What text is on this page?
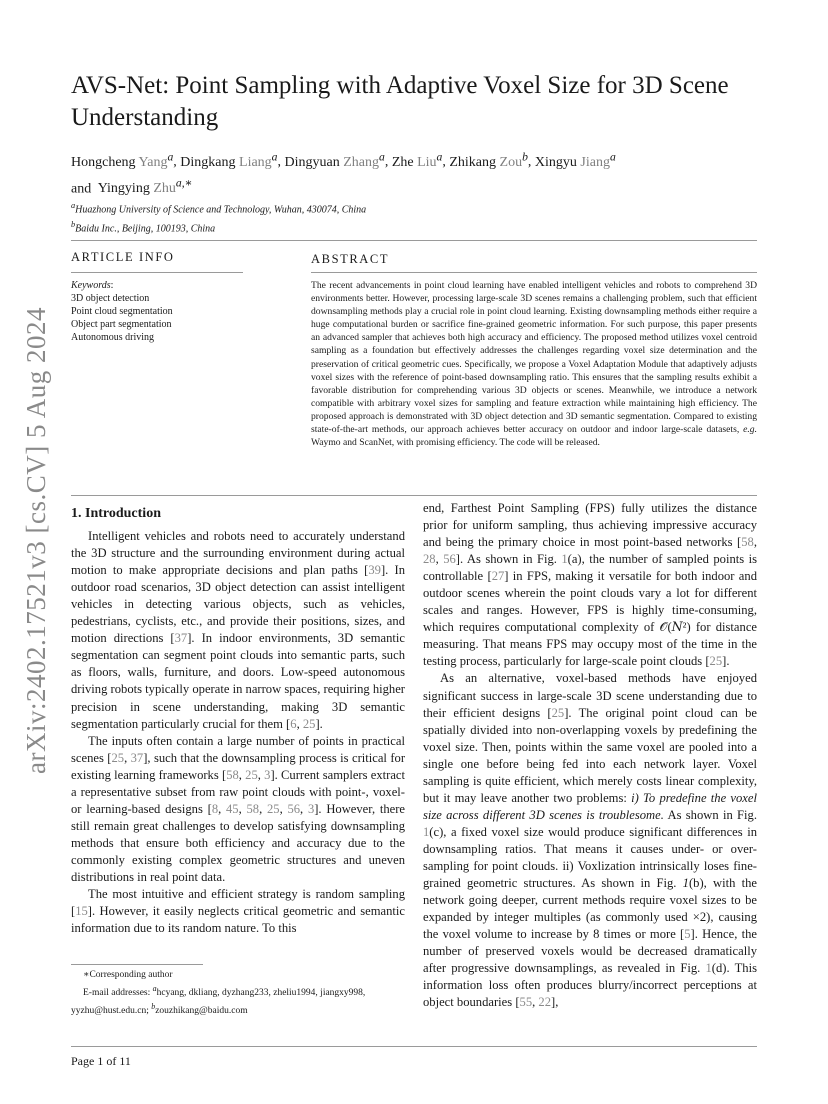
arXiv:2402.17521v3 [cs.CV] 5 Aug 2024
AVS-Net: Point Sampling with Adaptive Voxel Size for 3D Scene Understanding
Hongcheng Yang$^a$, Dingkang Liang$^a$, Dingyuan Zhang$^a$, Zhe Liu$^a$, Zhikang Zou$^b$, Xingyu Jiang$^a$
and Yingying Zhu$^{a,∗}$
$^a$Huazhong University of Science and Technology, Wuhan, 430074, China
$^b$Baidu Inc., Beijing, 100193, China
ARTICLE INFO
Keywords:
3D object detection
Point cloud segmentation
Object part segmentation
Autonomous driving
ABSTRACT

The recent advancements in point cloud learning have enabled intelligent vehicles and robots to comprehend 3D environments better. However, processing large-scale 3D scenes remains a challenging problem, such that efficient downsampling methods play a crucial role in point cloud learning. Existing downsampling methods either require a huge computational burden or sacrifice fine-grained geometric information. For such purpose, this paper presents an advanced sampler that achieves both high accuracy and efficiency. The proposed method utilizes voxel centroid sampling as a foundation but effectively addresses the challenges regarding voxel size determination and the preservation of critical geometric cues. Specifically, we propose a Voxel Adaptation Module that adaptively adjusts voxel sizes with the reference of point-based downsampling ratio. This ensures that the sampling results exhibit a favorable distribution for comprehending various 3D objects or scenes. Meanwhile, we introduce a network compatible with arbitrary voxel sizes for sampling and feature extraction while maintaining high efficiency. The proposed approach is demonstrated with 3D object detection and 3D semantic segmentation. Compared to existing state-of-the-art methods, our approach achieves better accuracy on outdoor and indoor large-scale datasets, e.g. Waymo and ScanNet, with promising efficiency. The code will be released.

1. Introduction

Intelligent vehicles and robots need to accurately understand the 3D structure and the surrounding environment during actual motion to make appropriate decisions and plan paths [39]. In outdoor road scenarios, 3D object detection can assist intelligent vehicles in detecting various objects, such as vehicles, pedestrians, cyclists, etc., and provide their positions, sizes, and motion directions [37]. In indoor environments, 3D semantic segmentation can segment point clouds into semantic parts, such as floors, walls, furniture, and doors. Low-speed autonomous driving robots typically operate in narrow spaces, requiring higher precision in scene understanding, making 3D semantic segmentation particularly crucial for them [6, 25].

The inputs often contain a large number of points in practical scenes [25, 37], such that the downsampling process is critical for existing learning frameworks [58, 25, 3]. Current samplers extract a representative subset from raw point clouds with point-, voxel- or learning-based designs [8, 45, 58, 25, 56, 3]. However, there still remain great challenges to develop satisfying downsampling methods that ensure both efficiency and accuracy due to the commonly existing complex geometric structures and uneven distributions in real point data.

The most intuitive and efficient strategy is random sampling [15]. However, it easily neglects critical geometric and semantic information due to its random nature. To this

∗Corresponding author

E-mail addresses: $^a$hcyang, dkliang, dyzhang233, zheliu1994, jiangxy998, yyzhu@hust.edu.cn; $^b$zouzhikang@baidu.com

end, Farthest Point Sampling (FPS) fully utilizes the distance prior for uniform sampling, thus achieving impressive accuracy and being the primary choice in most point-based networks [58, 28, 56]. As shown in Fig. 1(a), the number of sampled points is controllable [27] in FPS, making it versatile for both indoor and outdoor scenes wherein the point clouds vary a lot for different scales and ranges. However, FPS is highly time-consuming, which requires computational complexity of 𝒪(𝑁²) for distance measuring. That means FPS may occupy most of the time in the testing process, particularly for large-scale point clouds [25].

As an alternative, voxel-based methods have enjoyed significant success in large-scale 3D scene understanding due to their efficient designs [25]. The original point cloud can be spatially divided into non-overlapping voxels by predefining the voxel size. Then, points within the same voxel are pooled into a single one before being fed into each network layer. Voxel sampling is quite efficient, which merely costs linear complexity, but it may leave another two problems: i) To predefine the voxel size across different 3D scenes is troublesome. As shown in Fig. 1(c), a fixed voxel size would produce significant differences in downsampling ratios. That means it causes under- or over-sampling for point clouds. ii) Voxlization intrinsically loses fine-grained geometric structures. As shown in Fig. 1(b), with the network going deeper, current methods require voxel sizes to be expanded by integer multiples (as commonly used ×2), causing the voxel volume to increase by 8 times or more [5]. Hence, the number of preserved voxels would be decreased dramatically after progressive downsamplings, as revealed in Fig. 1(d). This information loss often produces blurry/incorrect perceptions at object boundaries [55, 22],

Page 1 of 11
